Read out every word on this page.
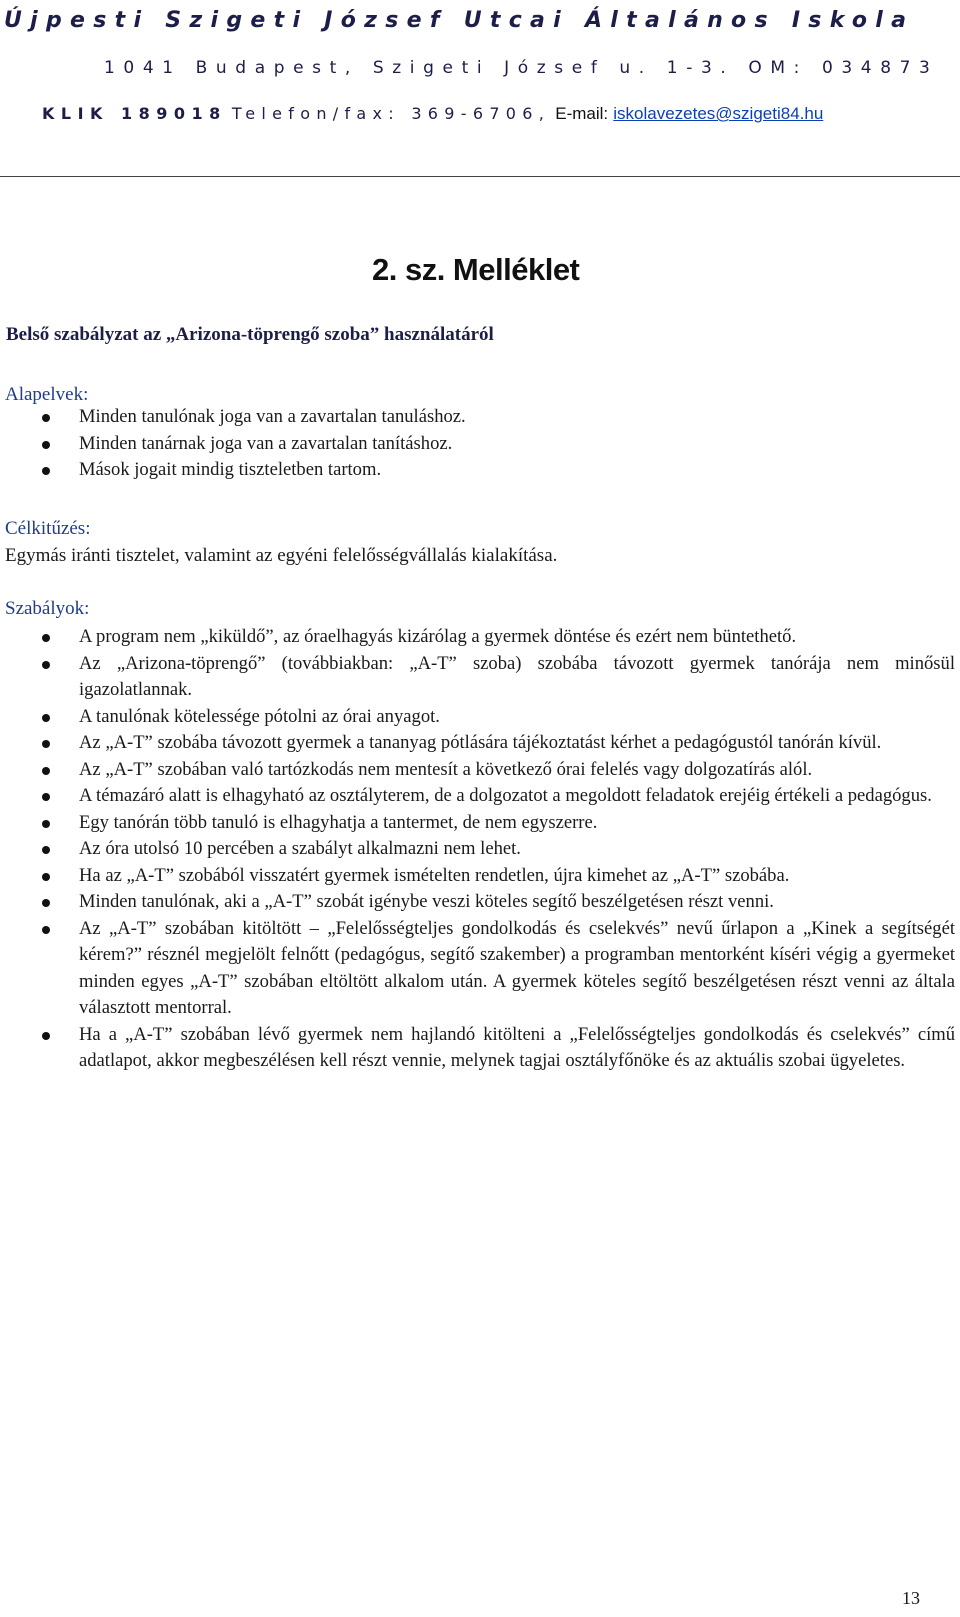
Újpesti Szigeti József Utcai Általános Iskola
1041 Budapest, Szigeti József u. 1-3. OM: 034873
KLIK 189018 Telefon/fax: 369-6706, E-mail: iskolavezetes@szigeti84.hu
2. sz. Melléklet
Belső szabályzat az „Arizona-töprengő szoba” használatáról
Alapelvek:
Minden tanulónak joga van a zavartalan tanuláshoz.
Minden tanárnak joga van a zavartalan tanításhoz.
Mások jogait mindig tiszteletben tartom.
Célkitűzés:
Egymás iránti tisztelet, valamint az egyéni felelősségvállalás kialakítása.
Szabályok:
A program nem „kiküldő”, az óraelhagyás kizárólag a gyermek döntése és ezért nem büntethető.
Az „Arizona-töprengő” (továbbiakban: „A-T” szoba) szobába távozott gyermek tanórája nem minősül igazolatlannak.
A tanulónak kötelessége pótolni az órai anyagot.
Az „A-T” szobába távozott gyermek a tananyag pótlására tájékoztatást kérhet a pedagógustól tanórán kívül.
Az „A-T” szobában való tartózkodás nem mentesít a következő órai felelés vagy dolgozatírás alól.
A témazáró alatt is elhagyható az osztályterem, de a dolgozatot a megoldott feladatok erejéig értékeli a pedagógus.
Egy tanórán több tanuló is elhagyhatja a tantermet, de nem egyszerre.
Az óra utolsó 10 percében a szabályt alkalmazni nem lehet.
Ha az „A-T” szobából visszatért gyermek ismételten rendetlen, újra kimehet az „A-T” szobába.
Minden tanulónak, aki a „A-T” szobát igénybe veszi köteles segítő beszélgetésen részt venni.
Az „A-T” szobában kitöltött – „Felelősségteljes gondolkodás és cselekvés” nevű űrlapon a „Kinek a segítségét kérem?” résznél megjelölt felnőtt (pedagógus, segítő szakember) a programban mentorként kíséri végig a gyermeket minden egyes „A-T” szobában eltöltött alkalom után. A gyermek köteles segítő beszélgetésen részt venni az általa választott mentorral.
Ha a „A-T” szobában lévő gyermek nem hajlandó kitölteni a „Felelősségteljes gondolkodás és cselekvés” című adatlapot, akkor megbeszélésen kell részt vennie, melynek tagjai osztályfőnöke és az aktuális szobai ügyeletes.
13
